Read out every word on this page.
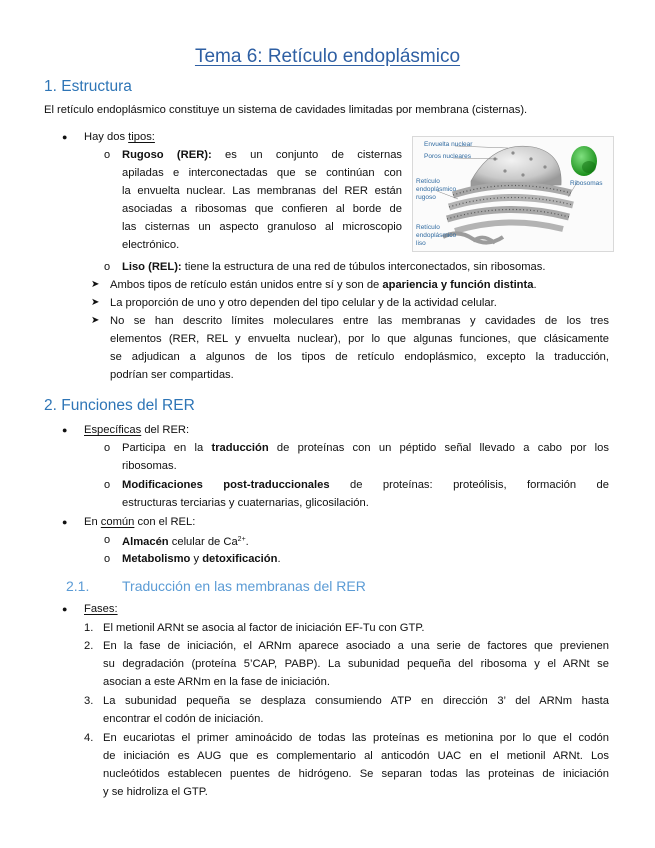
Tema 6: Retículo endoplásmico
1. Estructura
El retículo endoplásmico constituye un sistema de cavidades limitadas por membrana (cisternas).
● Hay dos tipos:
o Rugoso (RER): es un conjunto de cisternas
apiladas e interconectadas que se continúan con
la envuelta nuclear. Las membranas del RER están
asociadas a ribosomas que confieren al borde de
las cisternas un aspecto granuloso al microscopio
electrónico.
Envuelta nuclear
Poros nucleares
Retículo
endoplásmico
rugoso
Ribosomas
Retículo
endoplásmico
liso
o Liso (REL): tiene la estructura de una red de túbulos interconectados, sin ribosomas.
➤ Ambos tipos de retículo están unidos entre sí y son de apariencia y función distinta.
➤ La proporción de uno y otro dependen del tipo celular y de la actividad celular.
➤ No se han descrito límites moleculares entre las membranas y cavidades de los tres
elementos (RER, REL y envuelta nuclear), por lo que algunas funciones, que clásicamente
se adjudican a algunos de los tipos de retículo endoplásmico, excepto la traducción,
podrían ser compartidas.
2. Funciones del RER
● Específicas del RER:
o Participa en la traducción de proteínas con un péptido señal llevado a cabo por los
ribosomas.
o Modificaciones post-traduccionales de proteínas: proteólisis, formación de
estructuras terciarias y cuaternarias, glicosilación.
● En común con el REL:
o Almacén celular de $Ca^{2+}$.
o Metabolismo y detoxificación.
2.1. Traducción en las membranas del RER
● Fases:
1. El metionil ARNt se asocia al factor de iniciación EF-Tu con GTP.
2. En la fase de iniciación, el ARNm aparece asociado a una serie de factores que previenen
su degradación (proteína 5’CAP, PABP). La subunidad pequeña del ribosoma y el ARNt se
asocian a este ARNm en la fase de iniciación.
3. La subunidad pequeña se desplaza consumiendo ATP en dirección 3’ del ARNm hasta
encontrar el codón de iniciación.
4. En eucariotas el primer aminoácido de todas las proteínas es metionina por lo que el codón
de iniciación es AUG que es complementario al anticodón UAC en el metionil ARNt. Los
nucleótidos establecen puentes de hidrógeno. Se separan todas las proteinas de iniciación
y se hidroliza el GTP.
